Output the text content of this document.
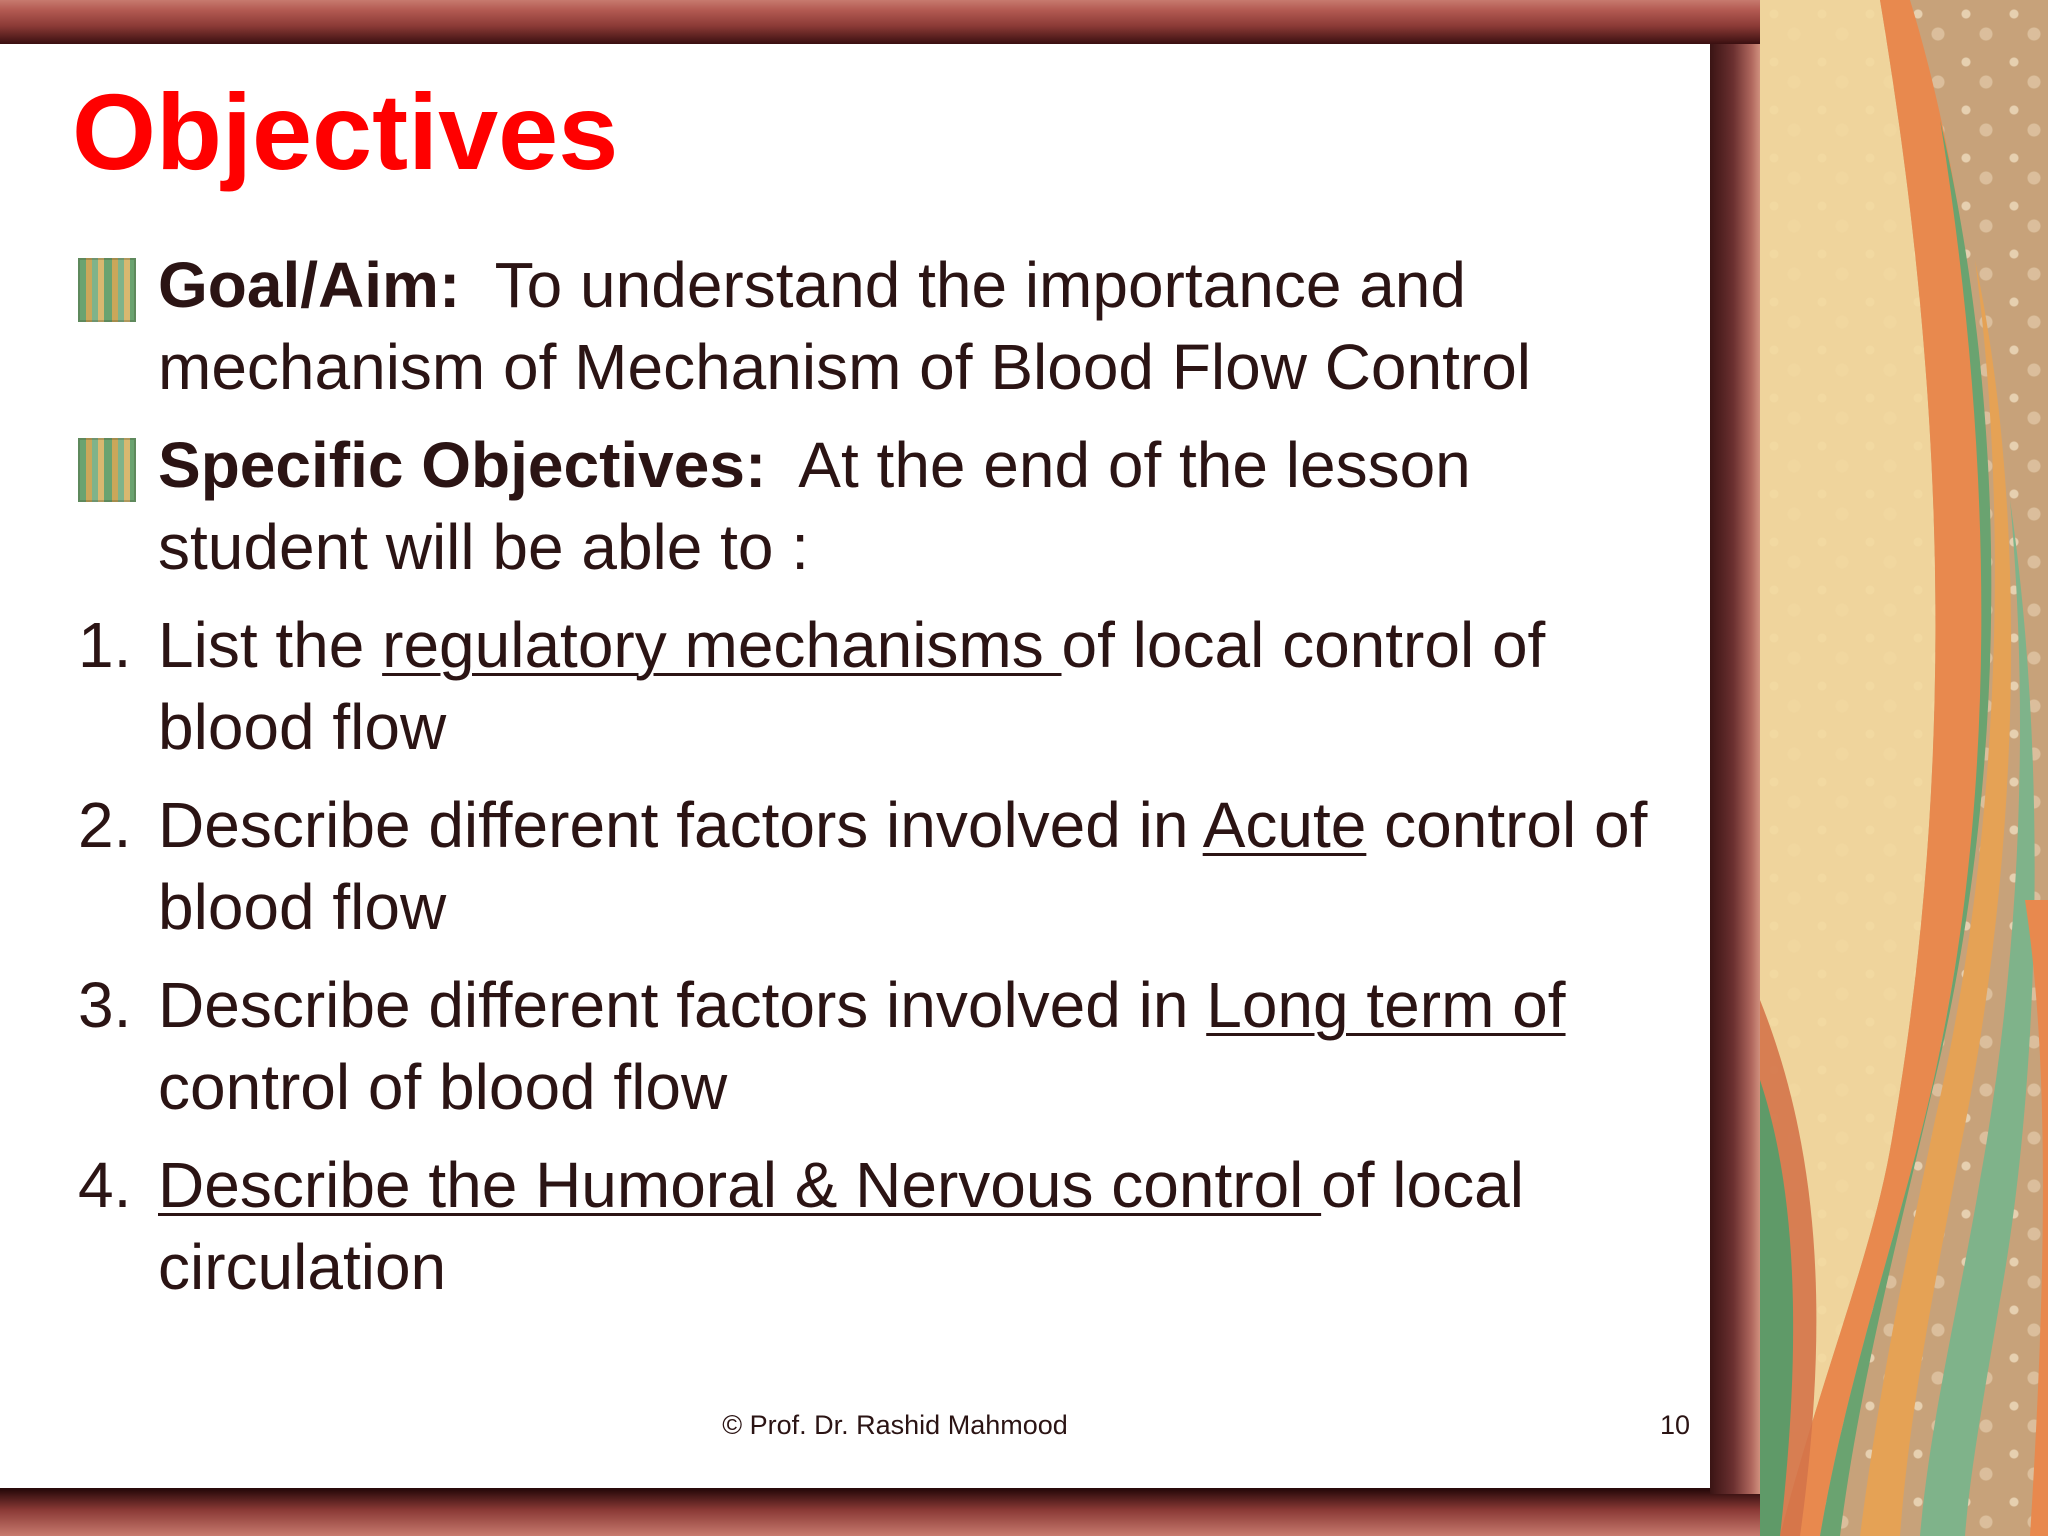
Objectives
Goal/Aim: To understand the importance and mechanism of Mechanism of Blood Flow Control
Specific Objectives: At the end of the lesson student will be able to :
1. List the regulatory mechanisms of local control of blood flow
2. Describe different factors involved in Acute control of blood flow
3. Describe different factors involved in Long term of control of blood flow
4. Describe the Humoral & Nervous control of local circulation
© Prof. Dr. Rashid Mahmood	10
